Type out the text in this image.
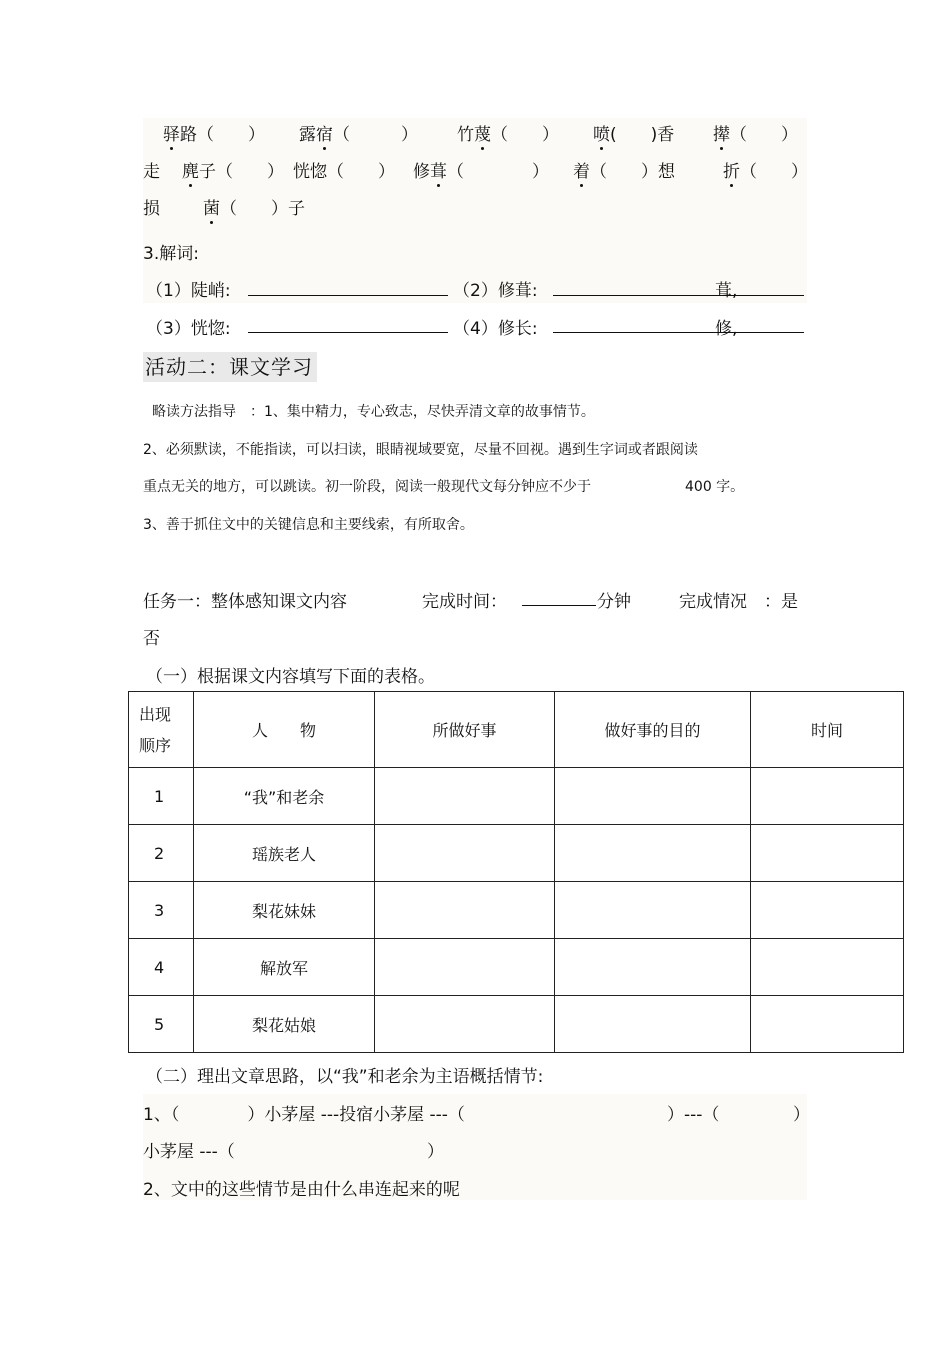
驿路（　　） 露宿（　　　） 竹蔑（　　） 喷(　　)香 撵（　　）
走 麂子（　　） 恍惚（　　） 修葺（　　　　） 着（　　）想	折（　　）
损	菌（　　）子
3.解词:
（1）陡峭:	（2）修葺:	葺,
（3）恍惚:	（4）修长:	修,
活动二：课文学习
略读方法指导　：1、集中精力，专心致志，尽快弄清文章的故事情节。
2、必须默读，不能指读，可以扫读，眼睛视域要宽，尽量不回视。遇到生字词或者跟阅读
重点无关的地方，可以跳读。初一阶段，阅读一般现代文每分钟应不少于	400 字。
3、善于抓住文中的关键信息和主要线索，有所取舍。
任务一：整体感知课文内容	完成时间：	分钟	完成情况　：是
否
（一）根据课文内容填写下面的表格。
出现
顺序	人　　物	所做好事	做好事的目的	时间
1	“我”和老余			
2	瑶族老人			
3	梨花妹妹			
4	解放军			
5	梨花姑娘			
（二）理出文章思路，以“我”和老余为主语概括情节:
1、（　　　　）小茅屋 ---投宿小茅屋 ---（	）---（	）
小茅屋 ---（	）
2、文中的这些情节是由什么串连起来的呢
